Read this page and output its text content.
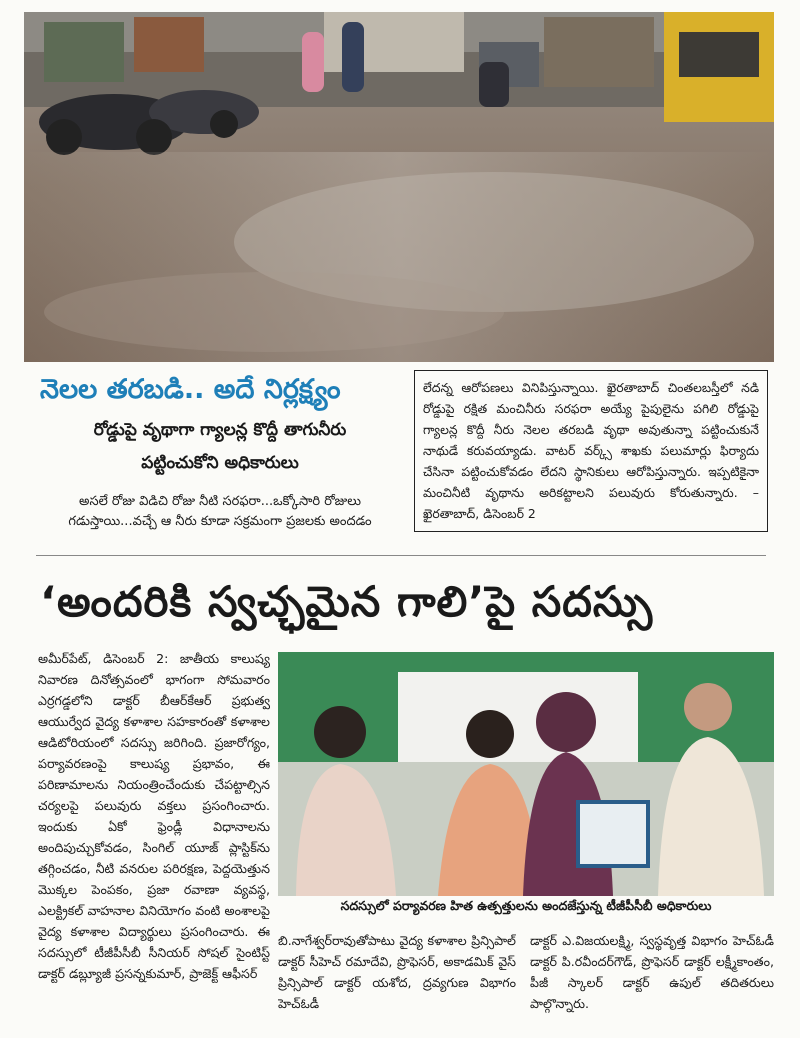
నెలల తరబడి.. అదే నిర్లక్ష్యం
రోడ్డుపై వృథాగా గ్యాలన్ల కొద్దీ తాగునీరు
పట్టించుకోని అధికారులు
అసలే రోజు విడిచి రోజు నీటి సరఫరా...ఒక్కోసారి రోజులు గడుస్తాయి...వచ్చే ఆ నీరు కూడా సక్రమంగా ప్రజలకు అందడం
లేదన్న ఆరోపణలు వినిపిస్తున్నాయి. ఖైరతాబాద్ చింతలబస్తీలో నడి రోడ్డుపై రక్షిత మంచినీరు సరఫరా అయ్యే పైపులైను పగిలి రోడ్డుపై గ్యాలన్ల కొద్దీ నీరు నెలల తరబడి వృథా అవుతున్నా పట్టించుకునే నాథుడే కరువయ్యాడు. వాటర్ వర్క్స్ శాఖకు పలుమార్లు ఫిర్యాదు చేసినా పట్టించుకోవడం లేదని స్థానికులు ఆరోపిస్తున్నారు. ఇప్పటికైనా మంచినీటి వృథాను అరికట్టాలని పలువురు కోరుతున్నారు. – ఖైరతాబాద్, డిసెంబర్ 2
‘అందరికి స్వచ్ఛమైన గాలి’పై సదస్సు
అమీర్‌పేట్, డిసెంబర్ 2: జాతీయ కాలుష్య నివారణ దినోత్సవంలో భాగంగా సోమవారం ఎర్రగడ్డలోని డాక్టర్ బీఆర్‌కేఆర్ ప్రభుత్వ ఆయుర్వేద వైద్య కళాశాల సహకారంతో కళాశాల ఆడిటోరియంలో సదస్సు జరిగింది. ప్రజారోగ్యం, పర్యావరణంపై కాలుష్య ప్రభావం, ఈ పరిణామాలను నియంత్రించేందుకు చేపట్టాల్సిన చర్యలపై పలువురు వక్తలు ప్రసంగించారు. ఇందుకు ఏకో ఫ్రెండ్లీ విధానాలను అందిపుచ్చుకోవడం, సింగిల్ యూజ్ ప్లాస్టిక్‌ను తగ్గించడం, నీటి వనరుల పరిరక్షణ, పెద్దయెత్తున మొక్కల పెంపకం, ప్రజా రవాణా వ్యవస్థ, ఎలక్ట్రికల్ వాహనాల వినియోగం వంటి అంశాలపై వైద్య కళాశాల విద్యార్థులు ప్రసంగించారు. ఈ సదస్సులో టీజీపీసీబీ సీనియర్ సోషల్ సైంటిస్ట్ డాక్టర్ డబ్ల్యూజీ ప్రసన్నకుమార్, ప్రాజెక్ట్ ఆఫీసర్
సదస్సులో పర్యావరణ హిత ఉత్పత్తులను అందజేస్తున్న టీజీపీసీబీ అధికారులు
బి.నాగేశ్వర్‌రావుతోపాటు వైద్య కళాశాల ప్రిన్సిపాల్ డాక్టర్ సీహెచ్ రమాదేవి, ప్రొఫెసర్, అకాడమిక్ వైస్ ప్రిన్సిపాల్ డాక్టర్ యశోద, ద్రవ్యగుణ విభాగం హెచ్‌ఓడీ
డాక్టర్ ఎ.విజయలక్ష్మి, స్వస్థవృత్త విభాగం హెచ్‌ఓడీ డాక్టర్ పి.రవీందర్‌గౌడ్, ప్రొఫెసర్ డాక్టర్ లక్ష్మీకాంతం, పీజీ స్కాలర్ డాక్టర్ ఉపుల్ తదితరులు పాల్గొన్నారు.
